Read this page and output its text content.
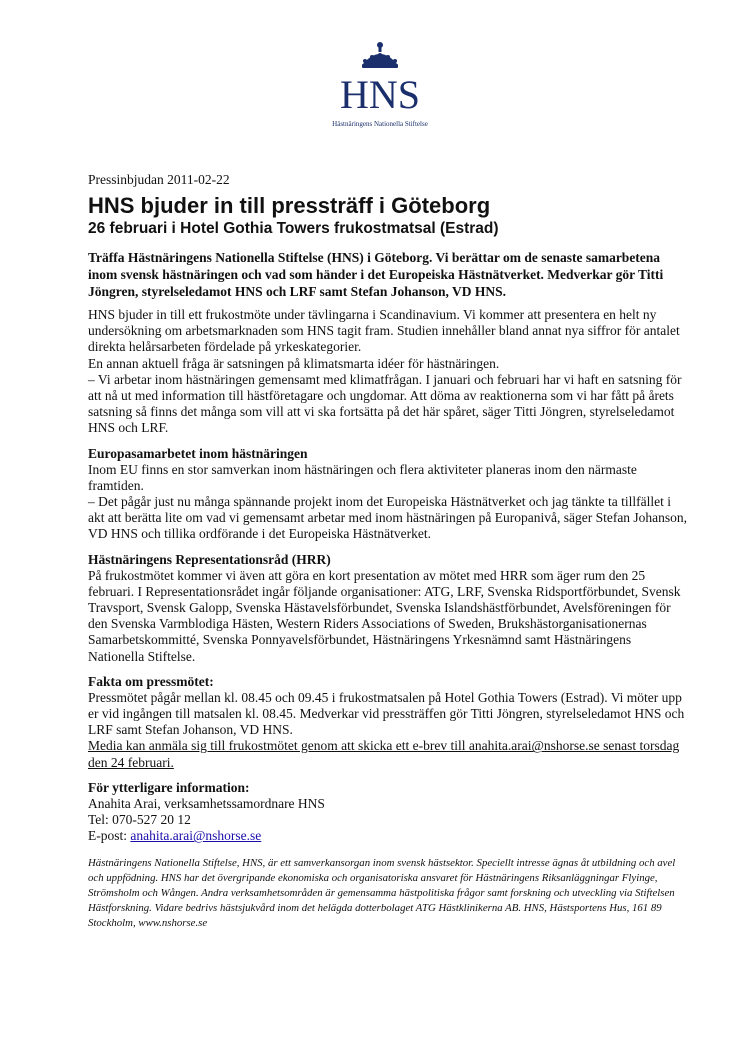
HNS
Hästnäringens Nationella Stiftelse
Pressinbjudan 2011-02-22
HNS bjuder in till pressträff i Göteborg
26 februari i Hotel Gothia Towers frukostmatsal (Estrad)

Träffa Hästnäringens Nationella Stiftelse (HNS) i Göteborg. Vi berättar om de senaste samarbetena inom svensk hästnäringen och vad som händer i det Europeiska Hästnätverket. Medverkar gör Titti Jöngren, styrelseledamot HNS och LRF samt Stefan Johanson, VD HNS.

HNS bjuder in till ett frukostmöte under tävlingarna i Scandinavium. Vi kommer att presentera en helt ny undersökning om arbetsmarknaden som HNS tagit fram. Studien innehåller bland annat nya siffror för antalet direkta helårsarbeten fördelade på yrkeskategorier.

En annan aktuell fråga är satsningen på klimatsmarta idéer för hästnäringen.

– Vi arbetar inom hästnäringen gemensamt med klimatfrågan. I januari och februari har vi haft en satsning för att nå ut med information till hästföretagare och ungdomar. Att döma av reaktionerna som vi har fått på årets satsning så finns det många som vill att vi ska fortsätta på det här spåret, säger Titti Jöngren, styrelseledamot HNS och LRF.

Europasamarbetet inom hästnäringen

Inom EU finns en stor samverkan inom hästnäringen och flera aktiviteter planeras inom den närmaste framtiden.

– Det pågår just nu många spännande projekt inom det Europeiska Hästnätverket och jag tänkte ta tillfället i akt att berätta lite om vad vi gemensamt arbetar med inom hästnäringen på Europanivå, säger Stefan Johanson, VD HNS och tillika ordförande i det Europeiska Hästnätverket.

Hästnäringens Representationsråd (HRR)

På frukostmötet kommer vi även att göra en kort presentation av mötet med HRR som äger rum den 25 februari. I Representationsrådet ingår följande organisationer: ATG, LRF, Svenska Ridsportförbundet, Svensk Travsport, Svensk Galopp, Svenska Hästavelsförbundet, Svenska Islandshästförbundet, Avelsföreningen för den Svenska Varmblodiga Hästen, Western Riders Associations of Sweden, Brukshästorganisationernas Samarbetskommitté, Svenska Ponnyavelsförbundet, Hästnäringens Yrkesnämnd samt Hästnäringens Nationella Stiftelse.

Fakta om pressmötet:

Pressmötet pågår mellan kl. 08.45 och 09.45 i frukostmatsalen på Hotel Gothia Towers (Estrad). Vi möter upp er vid ingången till matsalen kl. 08.45. Medverkar vid pressträffen gör Titti Jöngren, styrelseledamot HNS och LRF samt Stefan Johanson, VD HNS.

Media kan anmäla sig till frukostmötet genom att skicka ett e-brev till anahita.arai@nshorse.se senast torsdag den 24 februari.

För ytterligare information:

Anahita Arai, verksamhetssamordnare HNS

Tel: 070-527 20 12

E-post: anahita.arai@nshorse.se

Hästnäringens Nationella Stiftelse, HNS, är ett samverkansorgan inom svensk hästsektor. Speciellt intresse ägnas åt utbildning och avel och uppfödning. HNS har det övergripande ekonomiska och organisatoriska ansvaret för Hästnäringens Riksanläggningar Flyinge, Strömsholm och Wången. Andra verksamhetsområden är gemensamma hästpolitiska frågor samt forskning och utveckling via Stiftelsen Hästforskning. Vidare bedrivs hästsjukvård inom det helägda dotterbolaget ATG Hästklinikerna AB. HNS, Hästsportens Hus, 161 89 Stockholm, www.nshorse.se
